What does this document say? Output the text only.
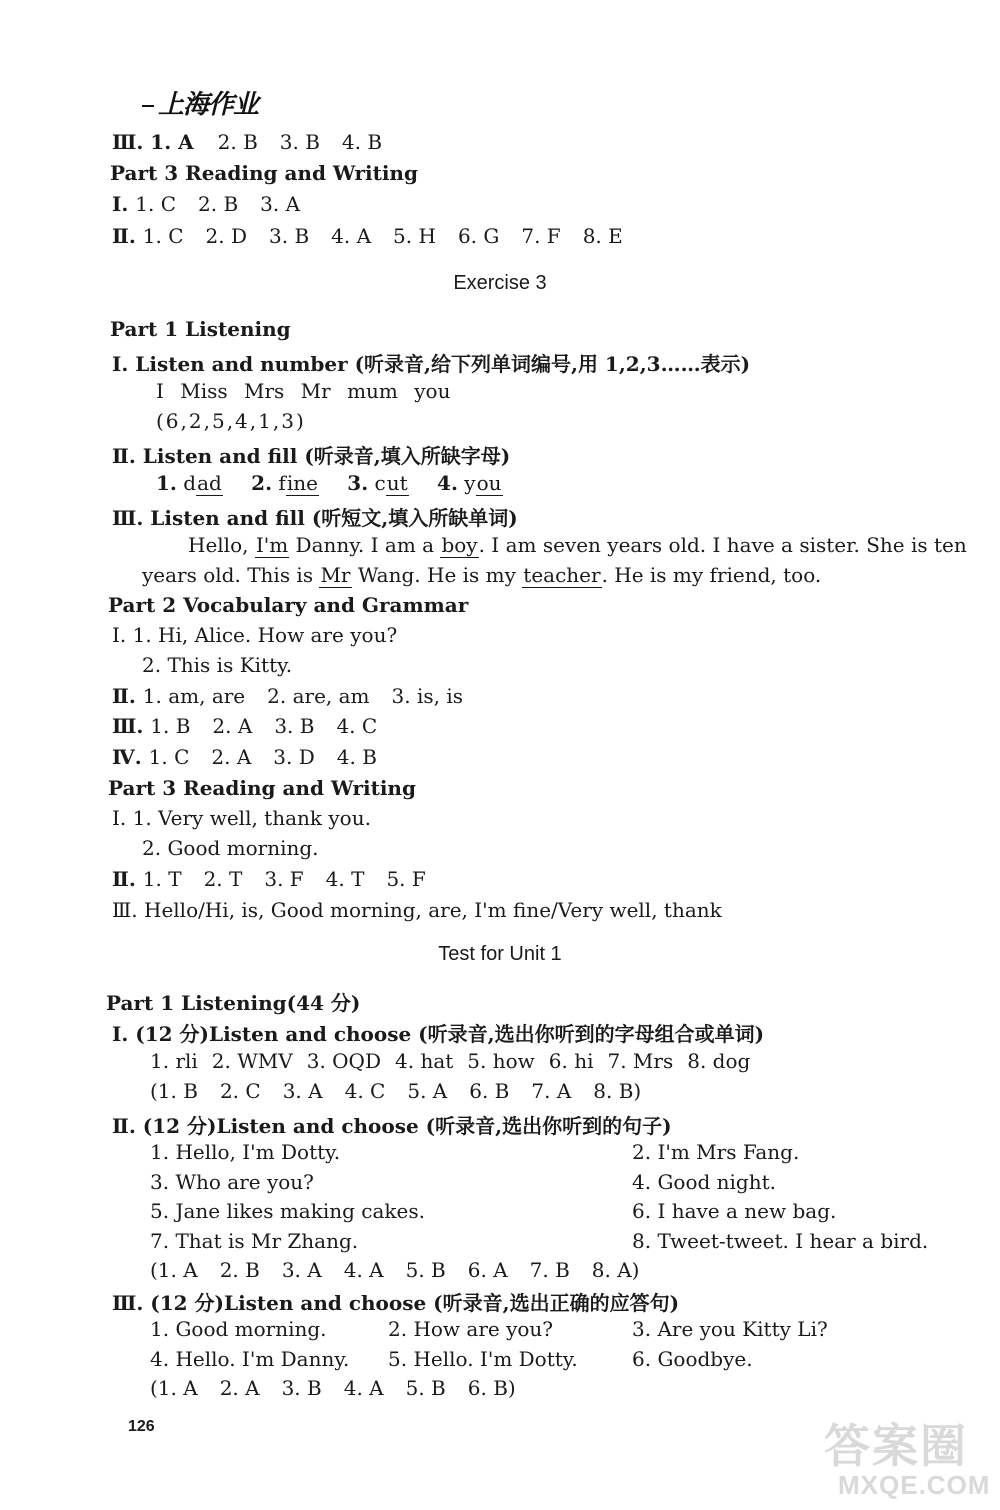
上海作业
Ⅲ. 1. A 2. B 3. B 4. B
Part 3 Reading and Writing
Ⅰ. 1. C 2. B 3. A
Ⅱ. 1. C 2. D 3. B 4. A 5. H 6. G 7. F 8. E
Exercise 3
Part 1 Listening
Ⅰ. Listen and number (听录音,给下列单词编号,用 1,2,3……表示)
I Miss Mrs Mr mum you
(6,2,5,4,1,3)
Ⅱ. Listen and fill (听录音,填入所缺字母)
1. dad 2. fine 3. cut 4. you
Ⅲ. Listen and fill (听短文,填入所缺单词)
Hello, I'm Danny. I am a boy. I am seven years old. I have a sister. She is ten
years old. This is Mr Wang. He is my teacher. He is my friend, too.
Part 2 Vocabulary and Grammar
Ⅰ. 1. Hi, Alice. How are you?
2. This is Kitty.
Ⅱ. 1. am, are 2. are, am 3. is, is
Ⅲ. 1. B 2. A 3. B 4. C
Ⅳ. 1. C 2. A 3. D 4. B
Part 3 Reading and Writing
Ⅰ. 1. Very well, thank you.
2. Good morning.
Ⅱ. 1. T 2. T 3. F 4. T 5. F
Ⅲ. Hello/Hi, is, Good morning, are, I'm fine/Very well, thank
Test for Unit 1
Part 1 Listening(44 分)
Ⅰ. (12 分)Listen and choose (听录音,选出你听到的字母组合或单词)
1. rli 2. WMV 3. OQD 4. hat 5. how 6. hi 7. Mrs 8. dog
(1. B 2. C 3. A 4. C 5. A 6. B 7. A 8. B)
Ⅱ. (12 分)Listen and choose (听录音,选出你听到的句子)
1. Hello, I'm Dotty.	2. I'm Mrs Fang.
3. Who are you?	4. Good night.
5. Jane likes making cakes.	6. I have a new bag.
7. That is Mr Zhang.	8. Tweet-tweet. I hear a bird.
(1. A 2. B 3. A 4. A 5. B 6. A 7. B 8. A)
Ⅲ. (12 分)Listen and choose (听录音,选出正确的应答句)
1. Good morning.	2. How are you?	3. Are you Kitty Li?
4. Hello. I'm Danny. 5. Hello. I'm Dotty.	6. Goodbye.
(1. A 2. A 3. B 4. A 5. B 6. B)
126	答案圈
MXQE.COM
